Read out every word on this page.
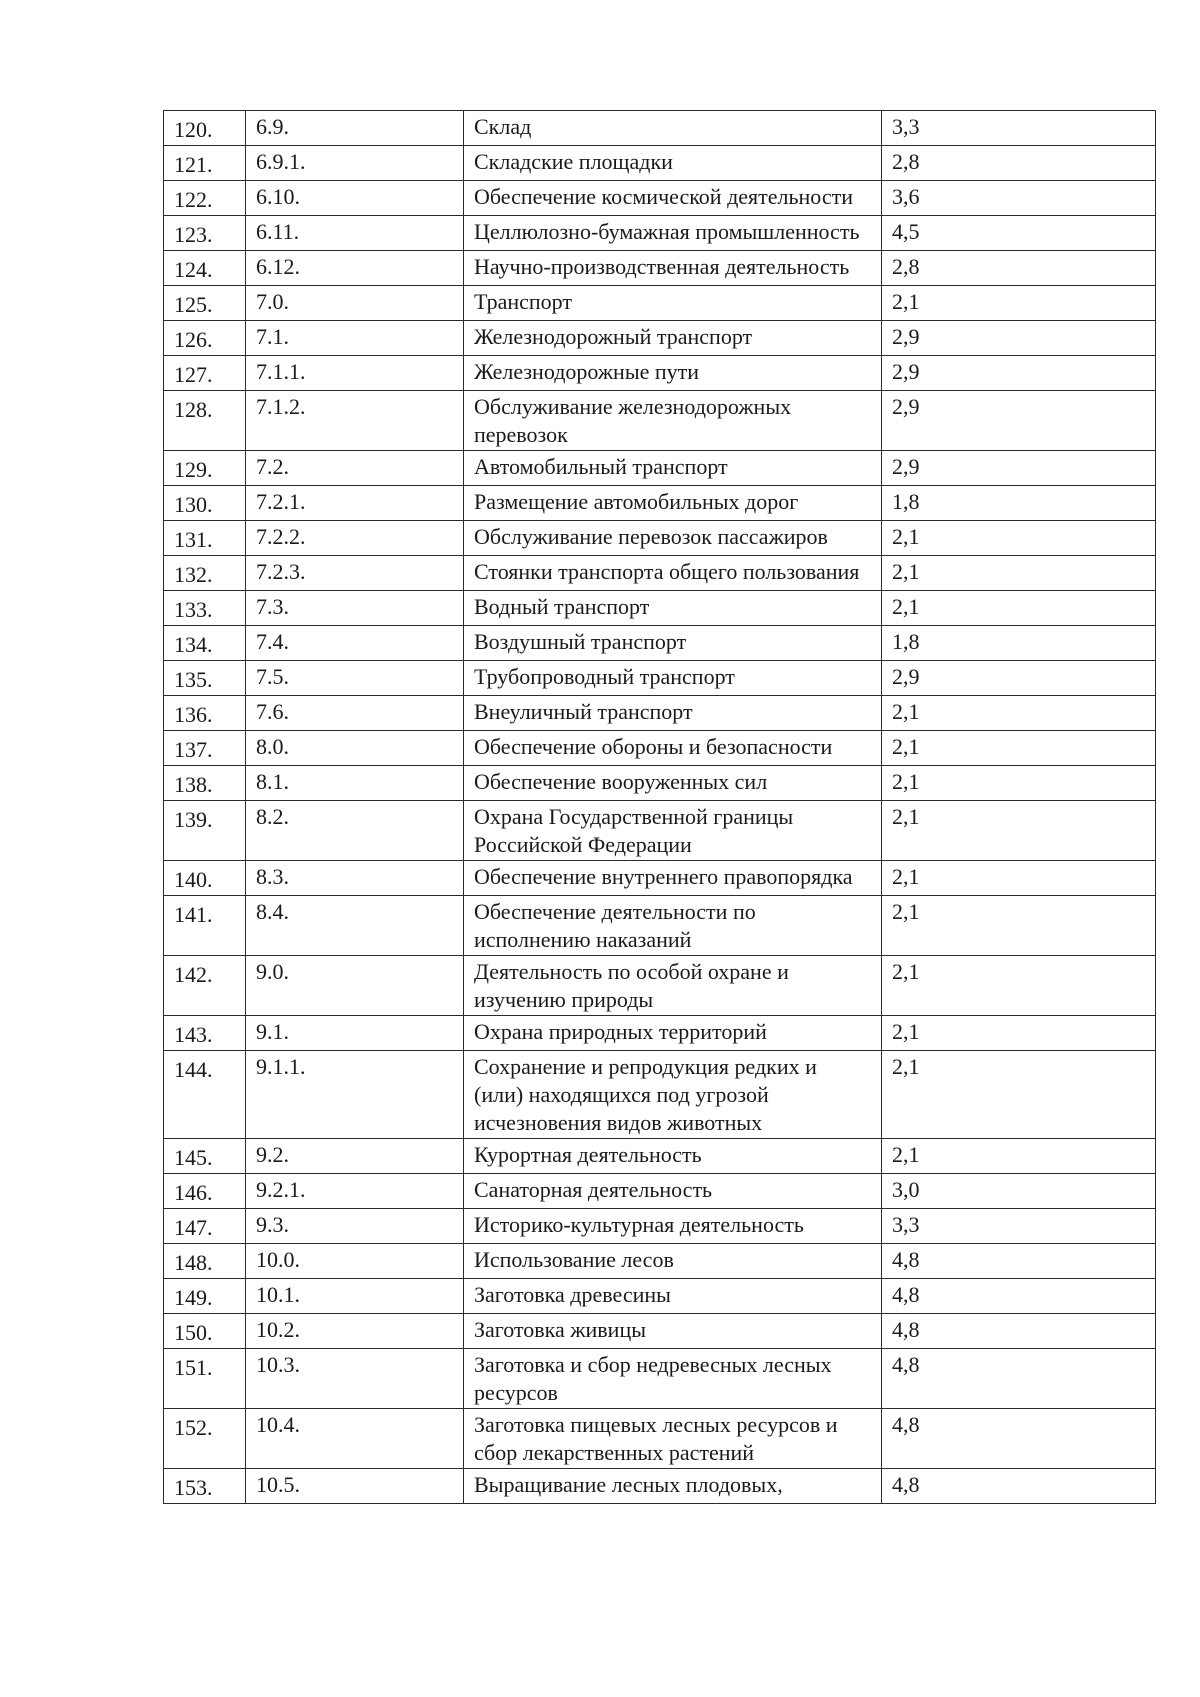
120.	6.9.	Склад	3,3
121.	6.9.1.	Складские площадки	2,8
122.	6.10.	Обеспечение космической деятельности	3,6
123.	6.11.	Целлюлозно-бумажная промышленность	4,5
124.	6.12.	Научно-производственная деятельность	2,8
125.	7.0.	Транспорт	2,1
126.	7.1.	Железнодорожный транспорт	2,9
127.	7.1.1.	Железнодорожные пути	2,9
128.	7.1.2.	Обслуживание железнодорожных перевозок	2,9
129.	7.2.	Автомобильный транспорт	2,9
130.	7.2.1.	Размещение автомобильных дорог	1,8
131.	7.2.2.	Обслуживание перевозок пассажиров	2,1
132.	7.2.3.	Стоянки транспорта общего пользования	2,1
133.	7.3.	Водный транспорт	2,1
134.	7.4.	Воздушный транспорт	1,8
135.	7.5.	Трубопроводный транспорт	2,9
136.	7.6.	Внеуличный транспорт	2,1
137.	8.0.	Обеспечение обороны и безопасности	2,1
138.	8.1.	Обеспечение вооруженных сил	2,1
139.	8.2.	Охрана Государственной границы Российской Федерации	2,1
140.	8.3.	Обеспечение внутреннего правопорядка	2,1
141.	8.4.	Обеспечение деятельности по исполнению наказаний	2,1
142.	9.0.	Деятельность по особой охране и изучению природы	2,1
143.	9.1.	Охрана природных территорий	2,1
144.	9.1.1.	Сохранение и репродукция редких и (или) находящихся под угрозой исчезновения видов животных	2,1
145.	9.2.	Курортная деятельность	2,1
146.	9.2.1.	Санаторная деятельность	3,0
147.	9.3.	Историко-культурная деятельность	3,3
148.	10.0.	Использование лесов	4,8
149.	10.1.	Заготовка древесины	4,8
150.	10.2.	Заготовка живицы	4,8
151.	10.3.	Заготовка и сбор недревесных лесных ресурсов	4,8
152.	10.4.	Заготовка пищевых лесных ресурсов и сбор лекарственных растений	4,8
153.	10.5.	Выращивание лесных плодовых,	4,8
